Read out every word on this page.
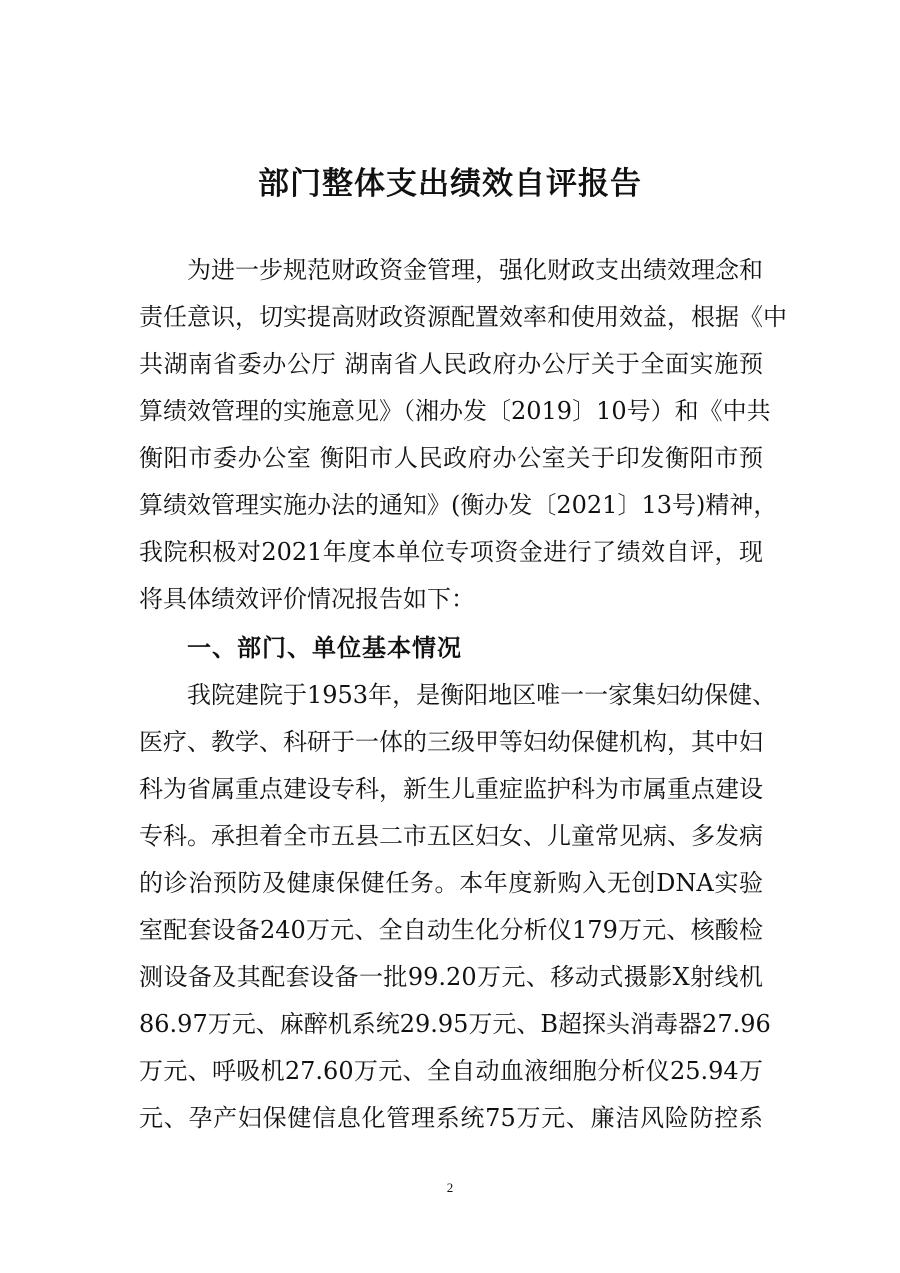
部门整体支出绩效自评报告
为进一步规范财政资金管理，强化财政支出绩效理念和
责任意识，切实提高财政资源配置效率和使用效益，根据《中
共湖南省委办公厅 湖南省人民政府办公厅关于全面实施预
算绩效管理的实施意见》（湘办发〔2019〕10号）和《中共
衡阳市委办公室 衡阳市人民政府办公室关于印发衡阳市预
算绩效管理实施办法的通知》(衡办发〔2021〕13号)精神，
我院积极对2021年度本单位专项资金进行了绩效自评，现
将具体绩效评价情况报告如下：
一、部门、单位基本情况
我院建院于1953年，是衡阳地区唯一一家集妇幼保健、
医疗、教学、科研于一体的三级甲等妇幼保健机构，其中妇
科为省属重点建设专科，新生儿重症监护科为市属重点建设
专科。承担着全市五县二市五区妇女、儿童常见病、多发病
的诊治预防及健康保健任务。本年度新购入无创DNA实验
室配套设备240万元、全自动生化分析仪179万元、核酸检
测设备及其配套设备一批99.20万元、移动式摄影X射线机
86.97万元、麻醉机系统29.95万元、B超探头消毒器27.96
万元、呼吸机27.60万元、全自动血液细胞分析仪25.94万
元、孕产妇保健信息化管理系统75万元、廉洁风险防控系
2
